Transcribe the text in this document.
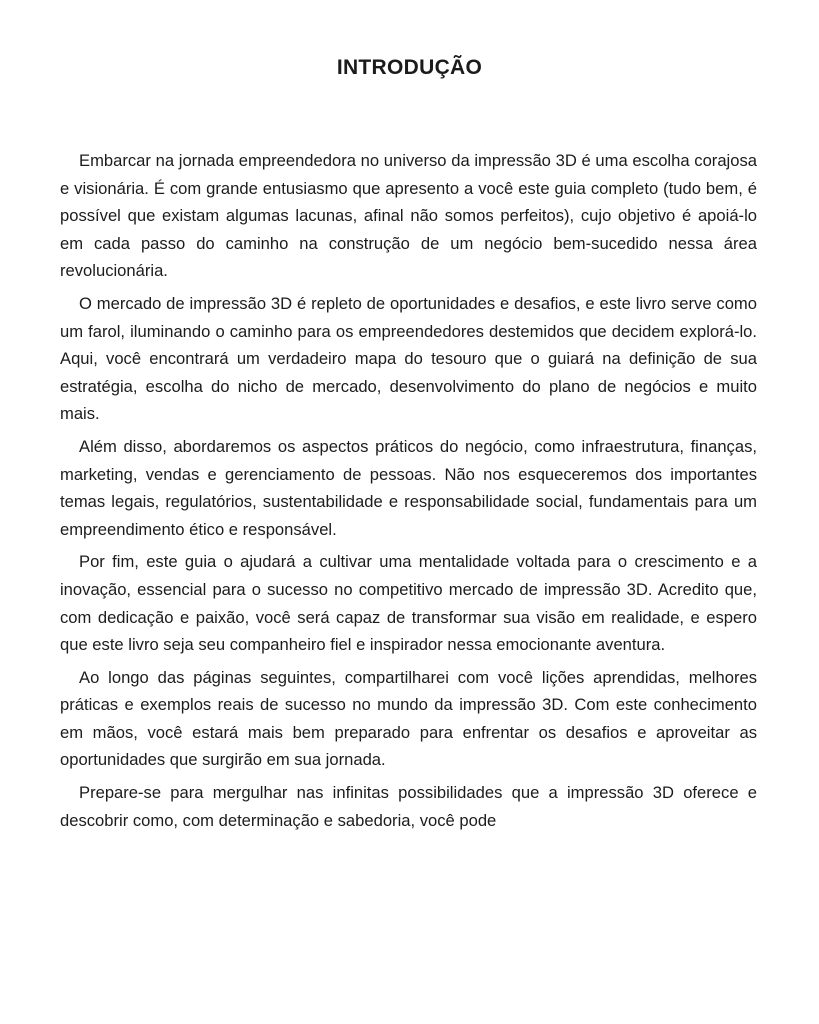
INTRODUÇÃO

Embarcar na jornada empreendedora no universo da impressão 3D é uma escolha corajosa e visionária. É com grande entusiasmo que apresento a você este guia completo (tudo bem, é possível que existam algumas lacunas, afinal não somos perfeitos), cujo objetivo é apoiá-lo em cada passo do caminho na construção de um negócio bem-sucedido nessa área revolucionária.

O mercado de impressão 3D é repleto de oportunidades e desafios, e este livro serve como um farol, iluminando o caminho para os empreendedores destemidos que decidem explorá-lo. Aqui, você encontrará um verdadeiro mapa do tesouro que o guiará na definição de sua estratégia, escolha do nicho de mercado, desenvolvimento do plano de negócios e muito mais.

Além disso, abordaremos os aspectos práticos do negócio, como infraestrutura, finanças, marketing, vendas e gerenciamento de pessoas. Não nos esqueceremos dos importantes temas legais, regulatórios, sustentabilidade e responsabilidade social, fundamentais para um empreendimento ético e responsável.

Por fim, este guia o ajudará a cultivar uma mentalidade voltada para o crescimento e a inovação, essencial para o sucesso no competitivo mercado de impressão 3D. Acredito que, com dedicação e paixão, você será capaz de transformar sua visão em realidade, e espero que este livro seja seu companheiro fiel e inspirador nessa emocionante aventura.

Ao longo das páginas seguintes, compartilharei com você lições aprendidas, melhores práticas e exemplos reais de sucesso no mundo da impressão 3D. Com este conhecimento em mãos, você estará mais bem preparado para enfrentar os desafios e aproveitar as oportunidades que surgirão em sua jornada.

Prepare-se para mergulhar nas infinitas possibilidades que a impressão 3D oferece e descobrir como, com determinação e sabedoria, você pode
